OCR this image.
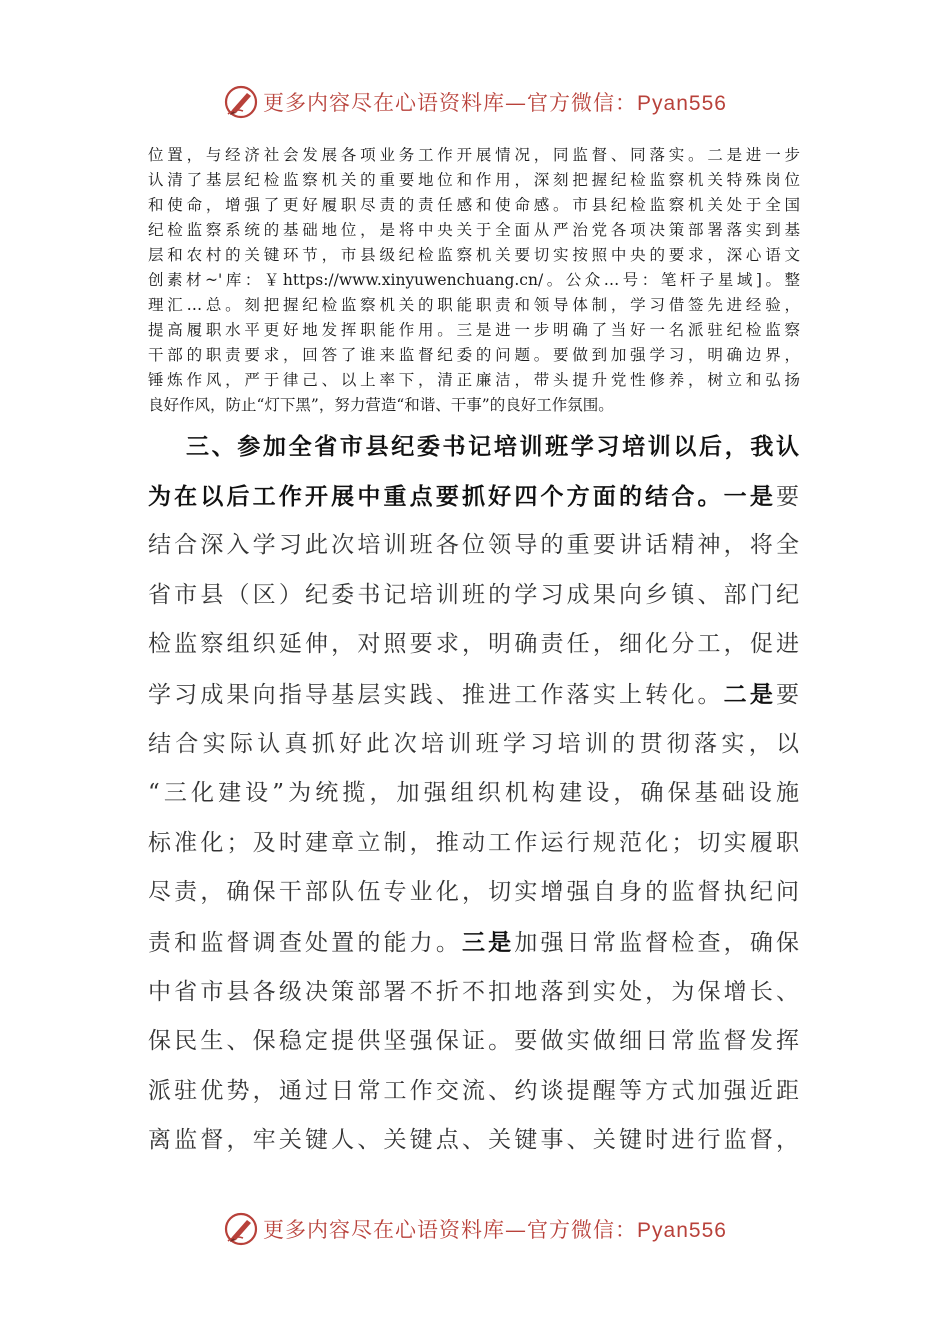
更多内容尽在心语资料库—官方微信：Pyan556
位置，与经济社会发展各项业务工作开展情况，同监督、同落实。二是进一步
认清了基层纪检监察机关的重要地位和作用，深刻把握纪检监察机关特殊岗位
和使命，增强了更好履职尽责的责任感和使命感。市县纪检监察机关处于全国
纪检监察系统的基础地位，是将中央关于全面从严治党各项决策部署落实到基
层和农村的关键环节，市县级纪检监察机关要切实按照中央的要求，深心语文
创素材~'库：￥https://www.xinyuwenchuang.cn/。公众…号：笔杆子星域]。整
理汇…总。刻把握纪检监察机关的职能职责和领导体制，学习借签先进经验，
提高履职水平更好地发挥职能作用。三是进一步明确了当好一名派驻纪检监察
干部的职责要求，回答了谁来监督纪委的问题。要做到加强学习，明确边界，
锤炼作风，严于律己、以上率下，清正廉洁，带头提升党性修养，树立和弘扬
良好作风，防止“灯下黑”，努力营造“和谐、干事”的良好工作氛围。
三、参加全省市县纪委书记培训班学习培训以后，我认
为在以后工作开展中重点要抓好四个方面的结合。一是要
结合深入学习此次培训班各位领导的重要讲话精神，将全
省市县（区）纪委书记培训班的学习成果向乡镇、部门纪
检监察组织延伸，对照要求，明确责任，细化分工，促进
学习成果向指导基层实践、推进工作落实上转化。二是要
结合实际认真抓好此次培训班学习培训的贯彻落实，以
“三化建设”为统揽，加强组织机构建设，确保基础设施
标准化；及时建章立制，推动工作运行规范化；切实履职
尽责，确保干部队伍专业化，切实增强自身的监督执纪问
责和监督调查处置的能力。三是加强日常监督检查，确保
中省市县各级决策部署不折不扣地落到实处，为保增长、
保民生、保稳定提供坚强保证。要做实做细日常监督发挥
派驻优势，通过日常工作交流、约谈提醒等方式加强近距
离监督，牢关键人、关键点、关键事、关键时进行监督，
更多内容尽在心语资料库—官方微信：Pyan556
